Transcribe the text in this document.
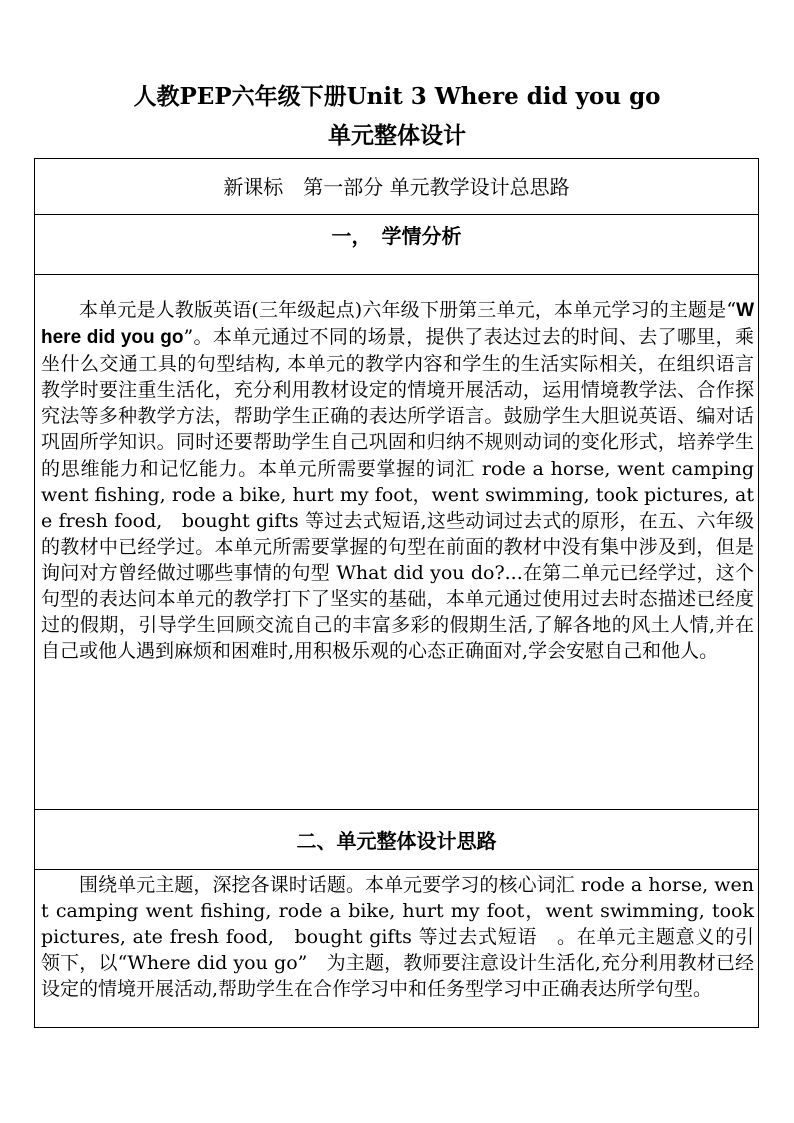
人教PEP六年级下册Unit 3 Where did you go
单元整体设计
新课标　第一部分 单元教学设计总思路
一，　学情分析
本单元是人教版英语(三年级起点)六年级下册第三单元，本单元学习的主题是“Where did you go”。本单元通过不同的场景，提供了表达过去的时间、去了哪里，乘坐什么交通工具的句型结构, 本单元的教学内容和学生的生活实际相关，在组织语言教学时要注重生活化，充分利用教材设定的情境开展活动，运用情境教学法、合作探究法等多种教学方法，帮助学生正确的表达所学语言。鼓励学生大胆说英语、编对话巩固所学知识。同时还要帮助学生自己巩固和归纳不规则动词的变化形式，培养学生的思维能力和记忆能力。本单元所需要掌握的词汇 rode a horse, went camping went fishing, rode a bike, hurt my foot，went swimming, took pictures, ate fresh food,　bought gifts 等过去式短语,这些动词过去式的原形，在五、六年级的教材中已经学过。本单元所需要掌握的句型在前面的教材中没有集中涉及到，但是询问对方曾经做过哪些事情的句型 What did you do?...在第二单元已经学过，这个句型的表达问本单元的教学打下了坚实的基础，本单元通过使用过去时态描述已经度过的假期，引导学生回顾交流自己的丰富多彩的假期生活,了解各地的风土人情,并在自己或他人遇到麻烦和困难时,用积极乐观的心态正确面对,学会安慰自己和他人。
二、单元整体设计思路
围绕单元主题，深挖各课时话题。本单元要学习的核心词汇 rode a horse, went camping went fishing, rode a bike, hurt my foot，went swimming, took pictures, ate fresh food,　bought gifts 等过去式短语　。在单元主题意义的引领下，以“Where did you go”　为主题，教师要注意设计生活化,充分利用教材已经设定的情境开展活动,帮助学生在合作学习中和任务型学习中正确表达所学句型。
